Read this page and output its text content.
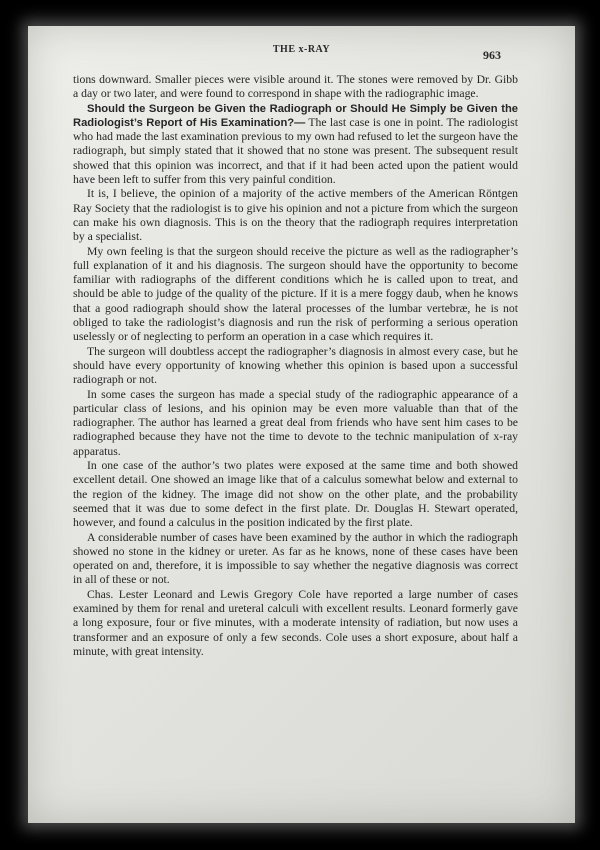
THE x-RAY	963

tions downward. Smaller pieces were visible around it. The stones were removed by Dr. Gibb a day or two later, and were found to correspond in shape with the radiographic image.

Should the Surgeon be Given the Radiograph or Should He Simply be Given the Radiologist’s Report of His Examination?— The last case is one in point. The radiologist who had made the last examination previous to my own had refused to let the surgeon have the radiograph, but simply stated that it showed that no stone was present. The subsequent result showed that this opinion was incorrect, and that if it had been acted upon the patient would have been left to suffer from this very painful condition.

It is, I believe, the opinion of a majority of the active members of the American Röntgen Ray Society that the radiologist is to give his opinion and not a picture from which the surgeon can make his own diagnosis. This is on the theory that the radiograph requires interpretation by a specialist.

My own feeling is that the surgeon should receive the picture as well as the radiographer’s full explanation of it and his diagnosis. The surgeon should have the opportunity to become familiar with radiographs of the different conditions which he is called upon to treat, and should be able to judge of the quality of the picture. If it is a mere foggy daub, when he knows that a good radiograph should show the lateral processes of the lumbar vertebræ, he is not obliged to take the radiologist’s diagnosis and run the risk of performing a serious operation uselessly or of neglecting to perform an operation in a case which requires it.

The surgeon will doubtless accept the radiographer’s diagnosis in almost every case, but he should have every opportunity of knowing whether this opinion is based upon a successful radiograph or not.

In some cases the surgeon has made a special study of the radiographic appearance of a particular class of lesions, and his opinion may be even more valuable than that of the radiographer. The author has learned a great deal from friends who have sent him cases to be radiographed because they have not the time to devote to the technic manipulation of x-ray apparatus.

In one case of the author’s two plates were exposed at the same time and both showed excellent detail. One showed an image like that of a calculus somewhat below and external to the region of the kidney. The image did not show on the other plate, and the probability seemed that it was due to some defect in the first plate. Dr. Douglas H. Stewart operated, however, and found a calculus in the position indicated by the first plate.

A considerable number of cases have been examined by the author in which the radiograph showed no stone in the kidney or ureter. As far as he knows, none of these cases have been operated on and, therefore, it is impossible to say whether the negative diagnosis was correct in all of these or not.

Chas. Lester Leonard and Lewis Gregory Cole have reported a large number of cases examined by them for renal and ureteral calculi with excellent results. Leonard formerly gave a long exposure, four or five minutes, with a moderate intensity of radiation, but now uses a transformer and an exposure of only a few seconds. Cole uses a short exposure, about half a minute, with great intensity.
